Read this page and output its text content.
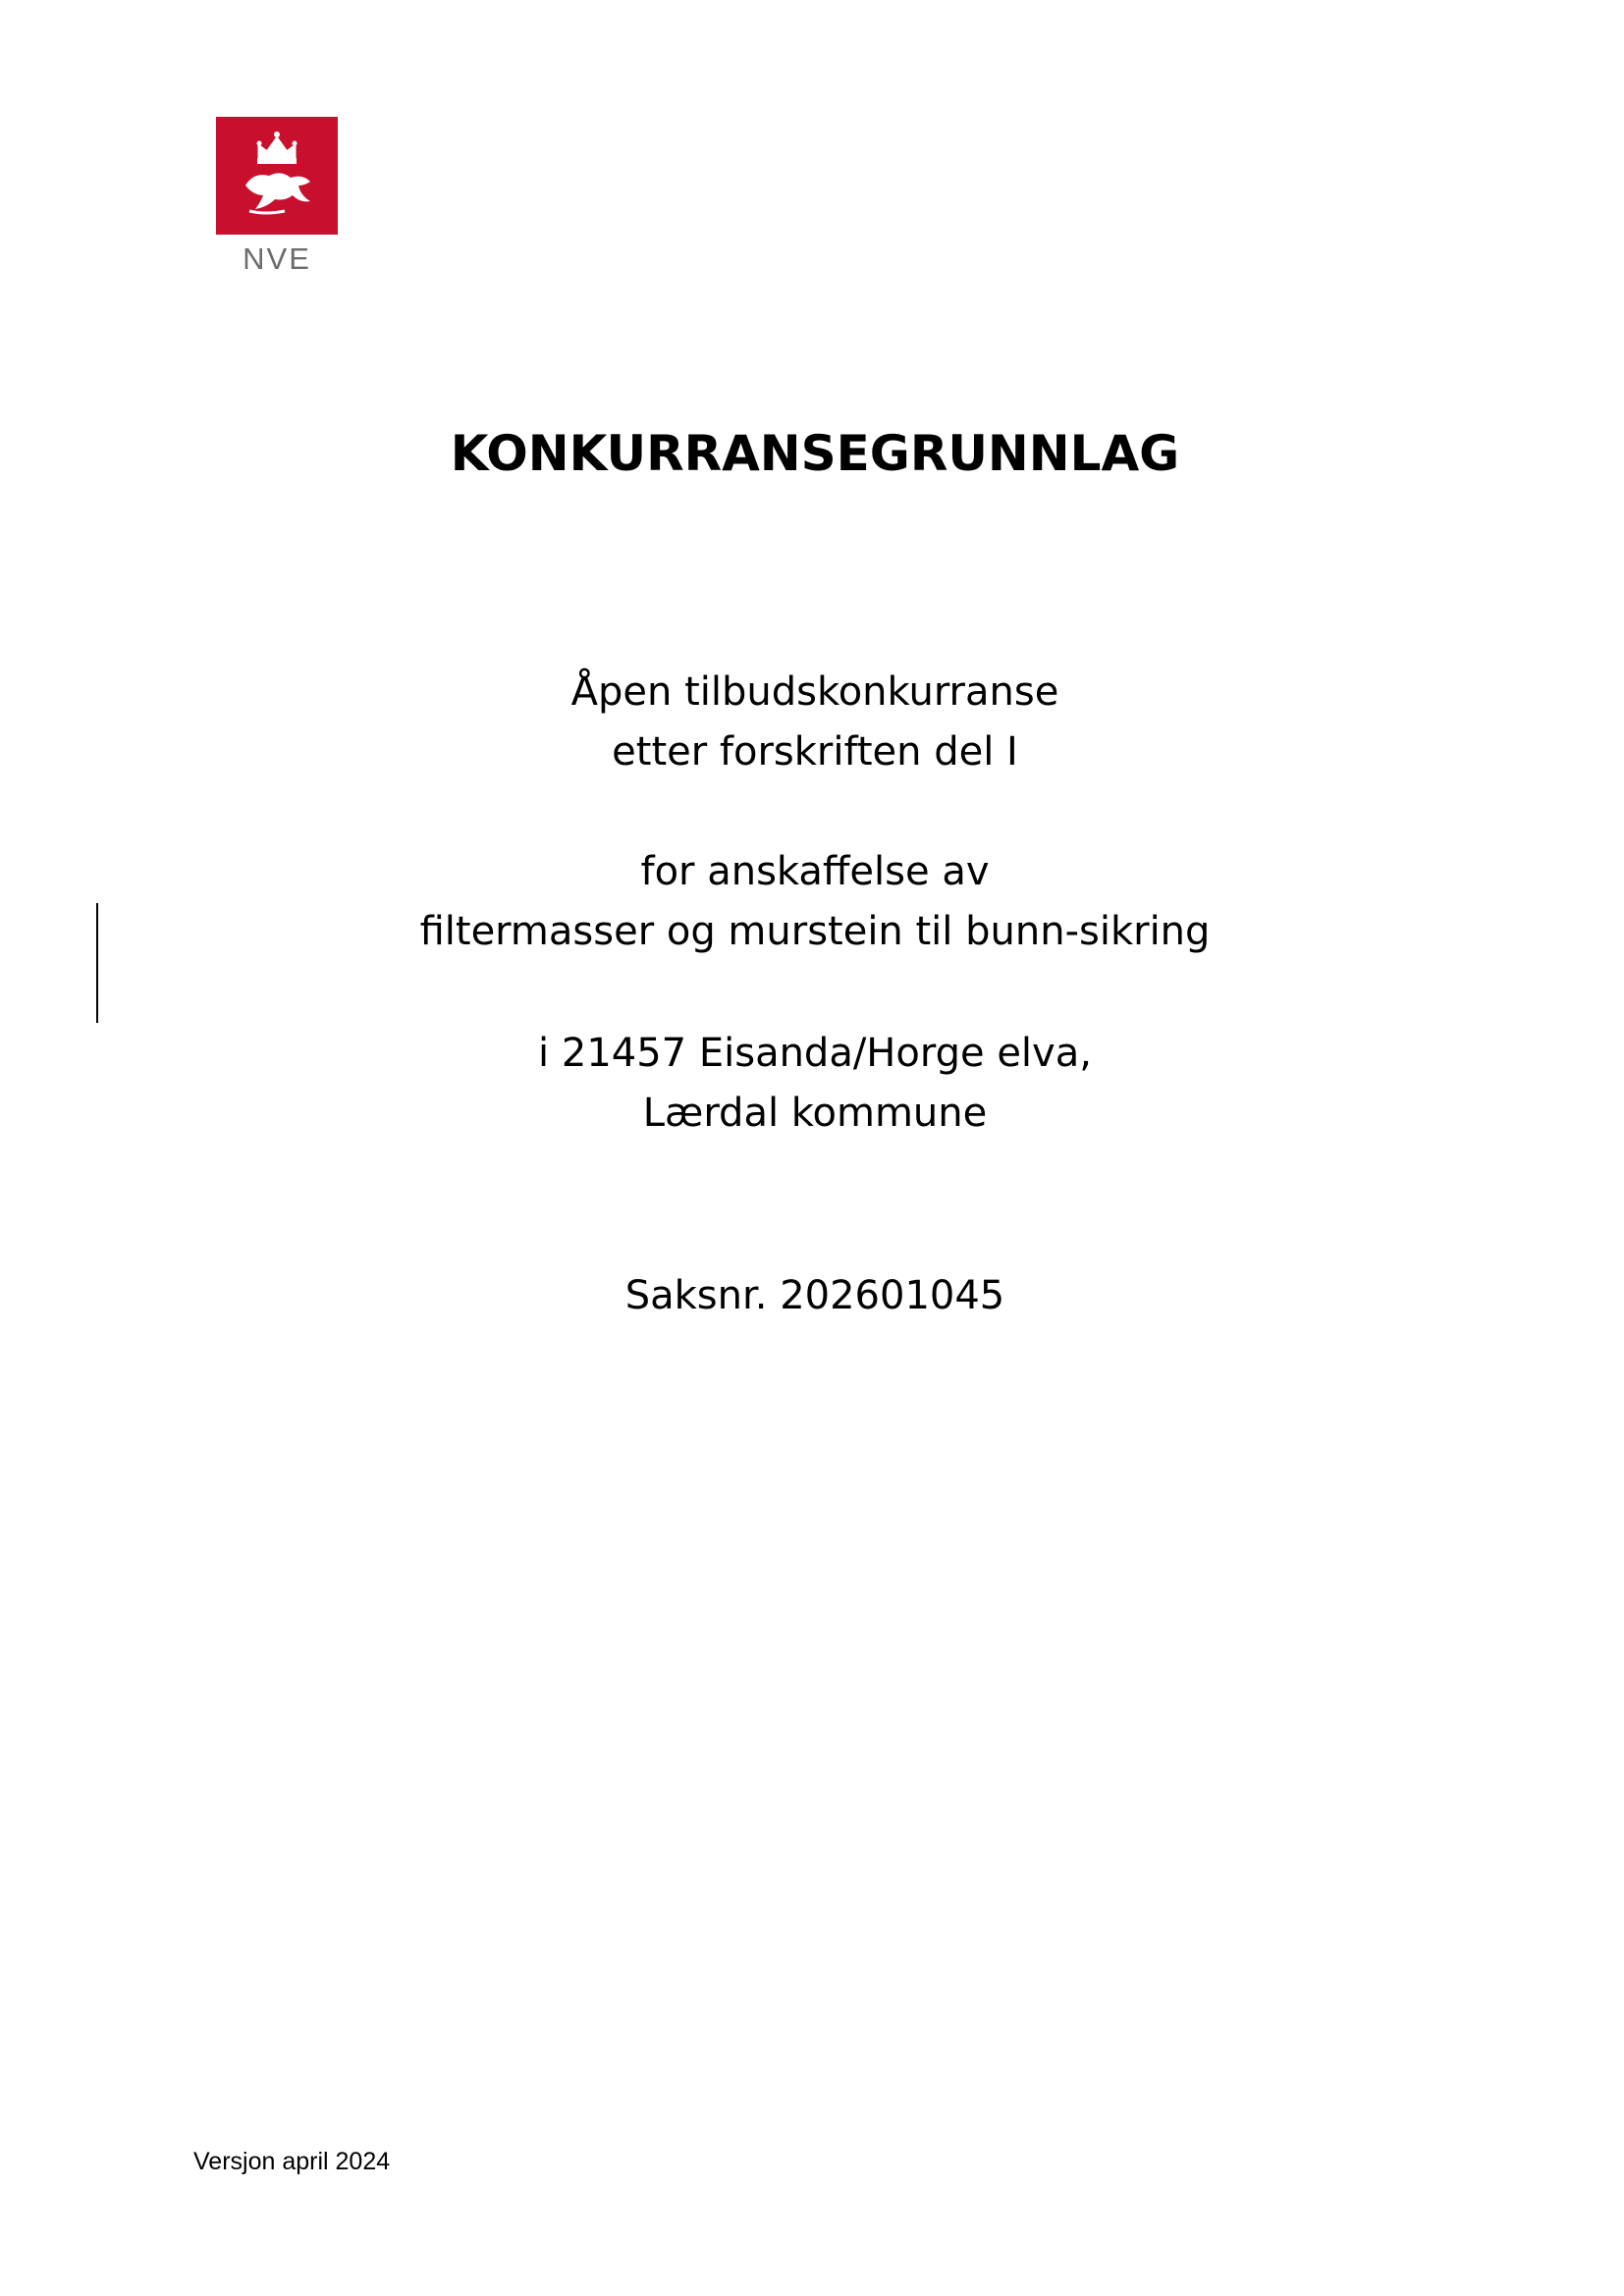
NVE
KONKURRANSEGRUNNLAG
Åpen tilbudskonkurranse
etter forskriften del I
for anskaffelse av
filtermasser og murstein til bunn-sikring
i 21457 Eisanda/Horge elva,
Lærdal kommune
Saksnr. 202601045
Versjon april 2024
